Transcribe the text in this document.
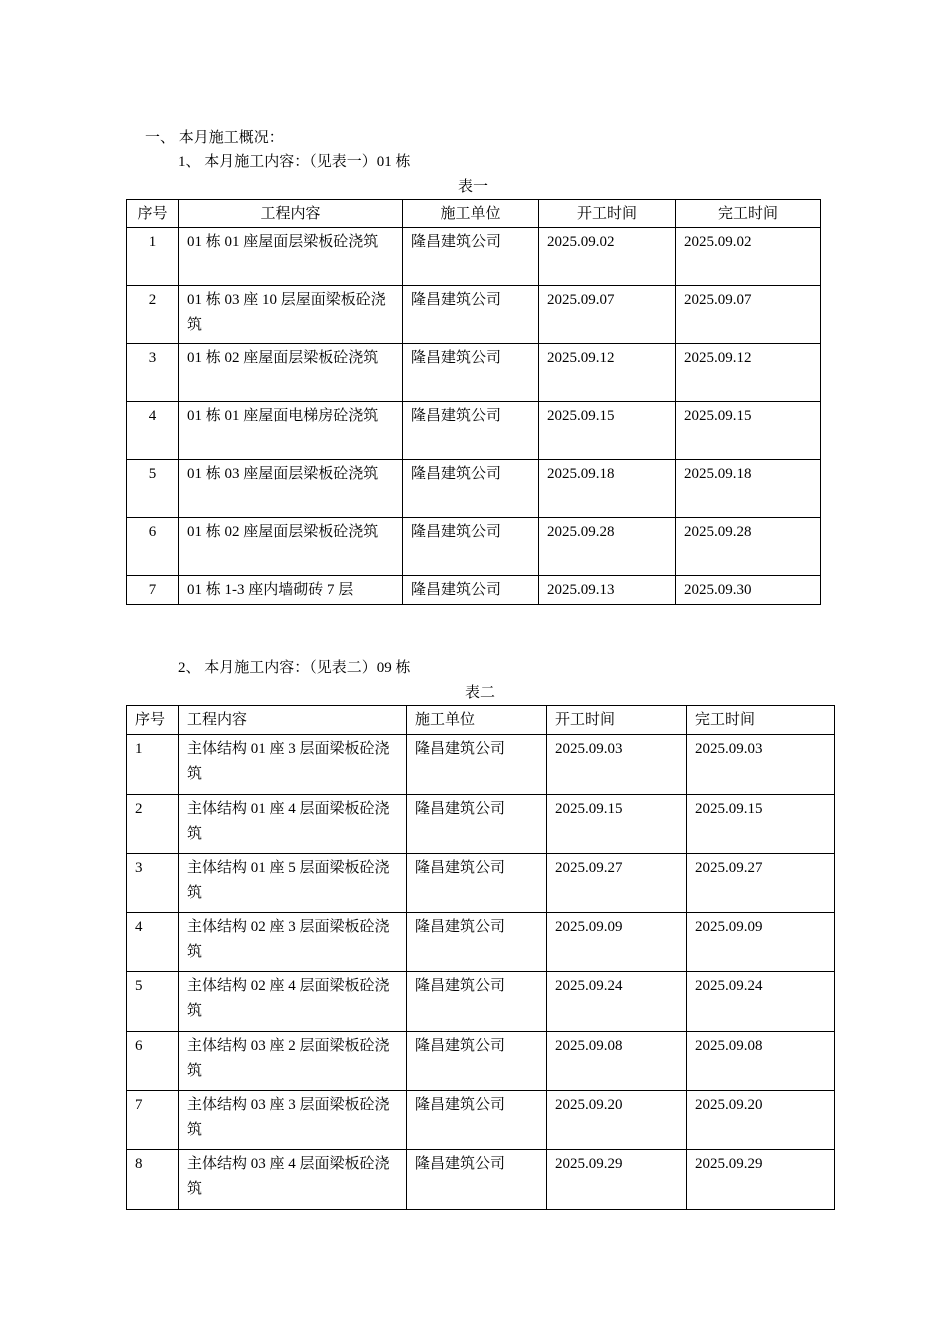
一、 本月施工概况：
1、 本月施工内容：（见表一）01 栋
表一
序号	工程内容	施工单位	开工时间	完工时间
1	01 栋 01 座屋面层梁板砼浇筑	隆昌建筑公司	2025.09.02	2025.09.02
2	01 栋 03 座 10 层屋面梁板砼浇筑	隆昌建筑公司	2025.09.07	2025.09.07
3	01 栋 02 座屋面层梁板砼浇筑	隆昌建筑公司	2025.09.12	2025.09.12
4	01 栋 01 座屋面电梯房砼浇筑	隆昌建筑公司	2025.09.15	2025.09.15
5	01 栋 03 座屋面层梁板砼浇筑	隆昌建筑公司	2025.09.18	2025.09.18
6	01 栋 02 座屋面层梁板砼浇筑	隆昌建筑公司	2025.09.28	2025.09.28
7	01 栋 1-3 座内墙砌砖 7 层	隆昌建筑公司	2025.09.13	2025.09.30
2、 本月施工内容：（见表二）09 栋
表二
序号	工程内容	施工单位	开工时间	完工时间
1	主体结构 01 座 3 层面梁板砼浇筑	隆昌建筑公司	2025.09.03	2025.09.03
2	主体结构 01 座 4 层面梁板砼浇筑	隆昌建筑公司	2025.09.15	2025.09.15
3	主体结构 01 座 5 层面梁板砼浇筑	隆昌建筑公司	2025.09.27	2025.09.27
4	主体结构 02 座 3 层面梁板砼浇筑	隆昌建筑公司	2025.09.09	2025.09.09
5	主体结构 02 座 4 层面梁板砼浇筑	隆昌建筑公司	2025.09.24	2025.09.24
6	主体结构 03 座 2 层面梁板砼浇筑	隆昌建筑公司	2025.09.08	2025.09.08
7	主体结构 03 座 3 层面梁板砼浇筑	隆昌建筑公司	2025.09.20	2025.09.20
8	主体结构 03 座 4 层面梁板砼浇筑	隆昌建筑公司	2025.09.29	2025.09.29
